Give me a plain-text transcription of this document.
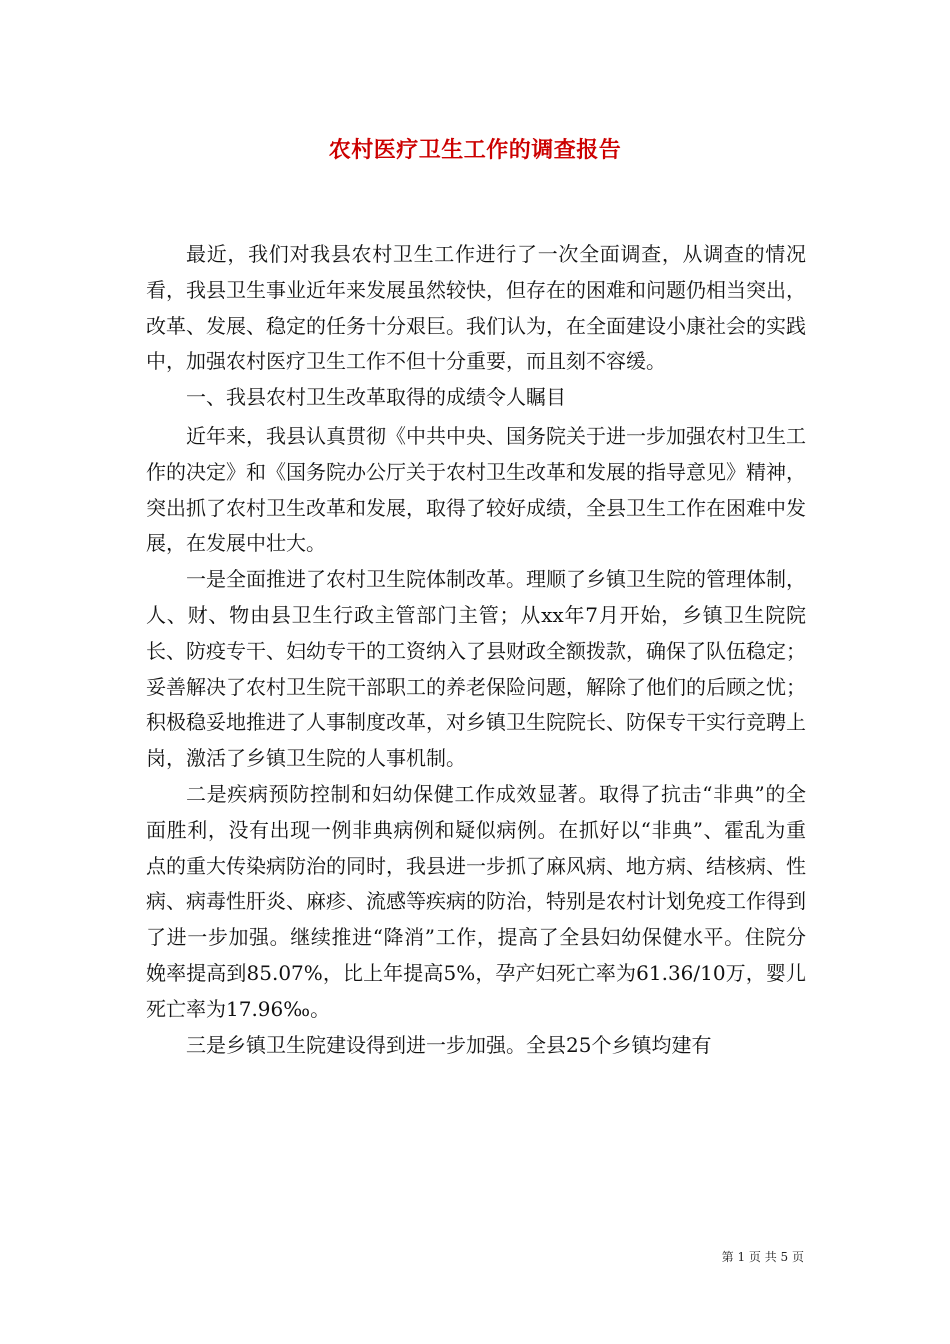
农村医疗卫生工作的调查报告

最近，我们对我县农村卫生工作进行了一次全面调查，从调查的情况看，我县卫生事业近年来发展虽然较快，但存在的困难和问题仍相当突出，改革、发展、稳定的任务十分艰巨。我们认为，在全面建设小康社会的实践中，加强农村医疗卫生工作不但十分重要，而且刻不容缓。

一、我县农村卫生改革取得的成绩令人瞩目

近年来，我县认真贯彻《中共中央、国务院关于进一步加强农村卫生工作的决定》和《国务院办公厅关于农村卫生改革和发展的指导意见》精神，突出抓了农村卫生改革和发展，取得了较好成绩，全县卫生工作在困难中发展，在发展中壮大。

一是全面推进了农村卫生院体制改革。理顺了乡镇卫生院的管理体制，人、财、物由县卫生行政主管部门主管；从xx年7月开始，乡镇卫生院院长、防疫专干、妇幼专干的工资纳入了县财政全额拨款，确保了队伍稳定；妥善解决了农村卫生院干部职工的养老保险问题，解除了他们的后顾之忧；积极稳妥地推进了人事制度改革，对乡镇卫生院院长、防保专干实行竞聘上岗，激活了乡镇卫生院的人事机制。

二是疾病预防控制和妇幼保健工作成效显著。取得了抗击“非典”的全面胜利，没有出现一例非典病例和疑似病例。在抓好以“非典”、霍乱为重点的重大传染病防治的同时，我县进一步抓了麻风病、地方病、结核病、性病、病毒性肝炎、麻疹、流感等疾病的防治，特别是农村计划免疫工作得到了进一步加强。继续推进“降消”工作，提高了全县妇幼保健水平。住院分娩率提高到85.07%，比上年提高5%，孕产妇死亡率为61.36/10万，婴儿死亡率为17.96‰。

三是乡镇卫生院建设得到进一步加强。全县25个乡镇均建有

第 1 页 共 5 页
